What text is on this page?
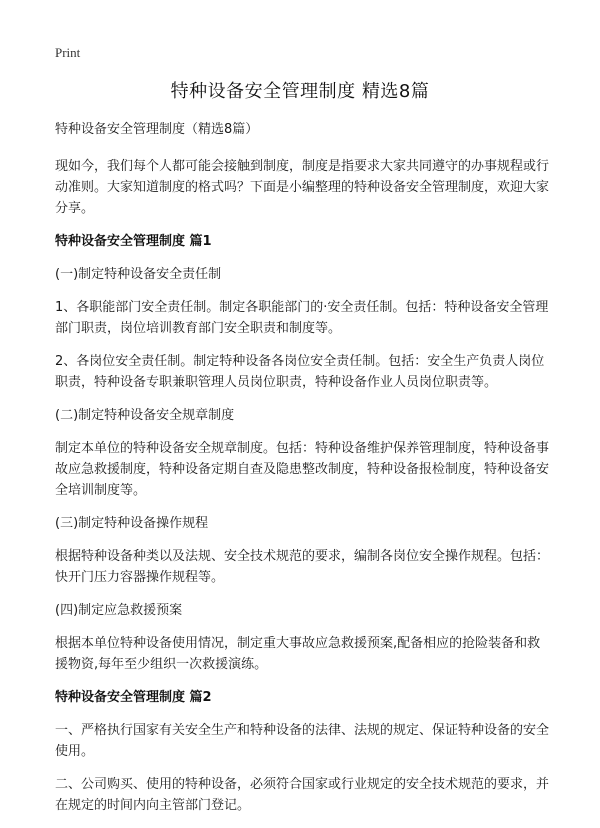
Print
特种设备安全管理制度 精选8篇

特种设备安全管理制度（精选8篇）

现如今，我们每个人都可能会接触到制度，制度是指要求大家共同遵守的办事规程或行动准则。大家知道制度的格式吗？下面是小编整理的特种设备安全管理制度，欢迎大家分享。

特种设备安全管理制度 篇1

(一)制定特种设备安全责任制

1、各职能部门安全责任制。制定各职能部门的·安全责任制。包括：特种设备安全管理部门职责，岗位培训教育部门安全职责和制度等。

2、各岗位安全责任制。制定特种设备各岗位安全责任制。包括：安全生产负责人岗位职责，特种设备专职兼职管理人员岗位职责，特种设备作业人员岗位职责等。

(二)制定特种设备安全规章制度

制定本单位的特种设备安全规章制度。包括：特种设备维护保养管理制度，特种设备事故应急救援制度，特种设备定期自查及隐患整改制度，特种设备报检制度，特种设备安全培训制度等。

(三)制定特种设备操作规程

根据特种设备种类以及法规、安全技术规范的要求，编制各岗位安全操作规程。包括：快开门压力容器操作规程等。

(四)制定应急救援预案

根据本单位特种设备使用情况，制定重大事故应急救援预案,配备相应的抢险装备和救援物资,每年至少组织一次救援演练。

特种设备安全管理制度 篇2

一、严格执行国家有关安全生产和特种设备的法律、法规的规定、保证特种设备的安全使用。

二、公司购买、使用的特种设备，必须符合国家或行业规定的安全技术规范的要求，并在规定的时间内向主管部门登记。
